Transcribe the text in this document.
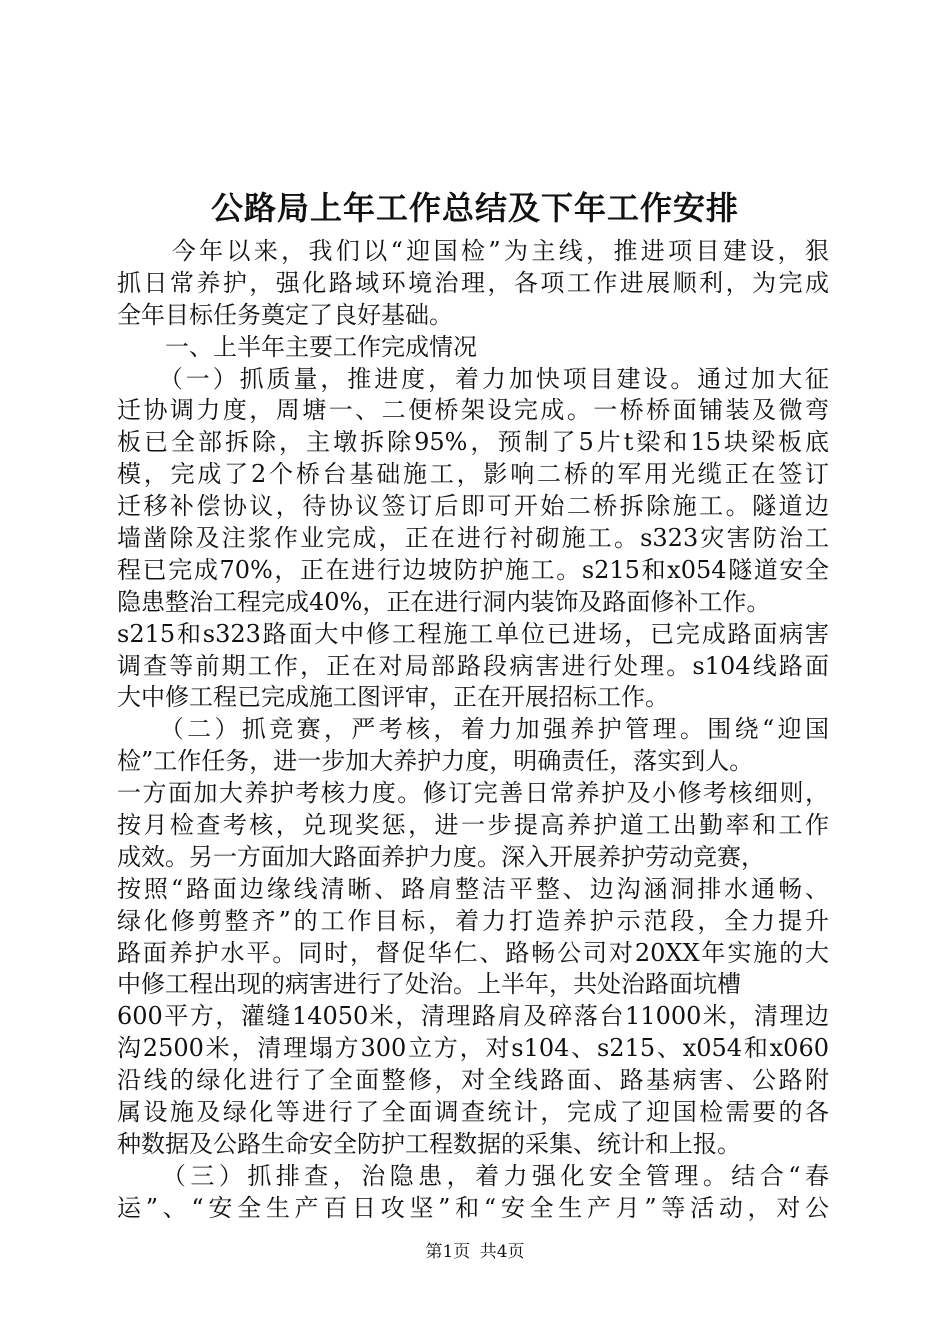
公路局上年工作总结及下年工作安排
　　今年以来，我们以“迎国检”为主线，推进项目建设，狠
抓日常养护，强化路域环境治理，各项工作进展顺利，为完成
全年目标任务奠定了良好基础。
　　一、上半年主要工作完成情况
　　（一）抓质量，推进度，着力加快项目建设。通过加大征
迁协调力度，周塘一、二便桥架设完成。一桥桥面铺装及微弯
板已全部拆除，主墩拆除95%，预制了5片t梁和15块梁板底
模，完成了2个桥台基础施工，影响二桥的军用光缆正在签订
迁移补偿协议，待协议签订后即可开始二桥拆除施工。隧道边
墙凿除及注浆作业完成，正在进行衬砌施工。s323灾害防治工
程已完成70%，正在进行边坡防护施工。s215和x054隧道安全
隐患整治工程完成40%，正在进行洞内装饰及路面修补工作。
s215和s323路面大中修工程施工单位已进场，已完成路面病害
调查等前期工作，正在对局部路段病害进行处理。s104线路面
大中修工程已完成施工图评审，正在开展招标工作。
　　（二）抓竞赛，严考核，着力加强养护管理。围绕“迎国
检”工作任务，进一步加大养护力度，明确责任，落实到人。
一方面加大养护考核力度。修订完善日常养护及小修考核细则，
按月检查考核，兑现奖惩，进一步提高养护道工出勤率和工作
成效。另一方面加大路面养护力度。深入开展养护劳动竞赛，
按照“路面边缘线清晰、路肩整洁平整、边沟涵洞排水通畅、
绿化修剪整齐”的工作目标，着力打造养护示范段，全力提升
路面养护水平。同时，督促华仁、路畅公司对20XX年实施的大
中修工程出现的病害进行了处治。上半年，共处治路面坑槽
600平方，灌缝14050米，清理路肩及碎落台11000米，清理边
沟2500米，清理塌方300立方，对s104、s215、x054和x060
沿线的绿化进行了全面整修，对全线路面、路基病害、公路附
属设施及绿化等进行了全面调查统计，完成了迎国检需要的各
种数据及公路生命安全防护工程数据的采集、统计和上报。
　　（三）抓排查，治隐患，着力强化安全管理。结合“春
运”、“安全生产百日攻坚”和“安全生产月”等活动，对公
第1页 共4页
